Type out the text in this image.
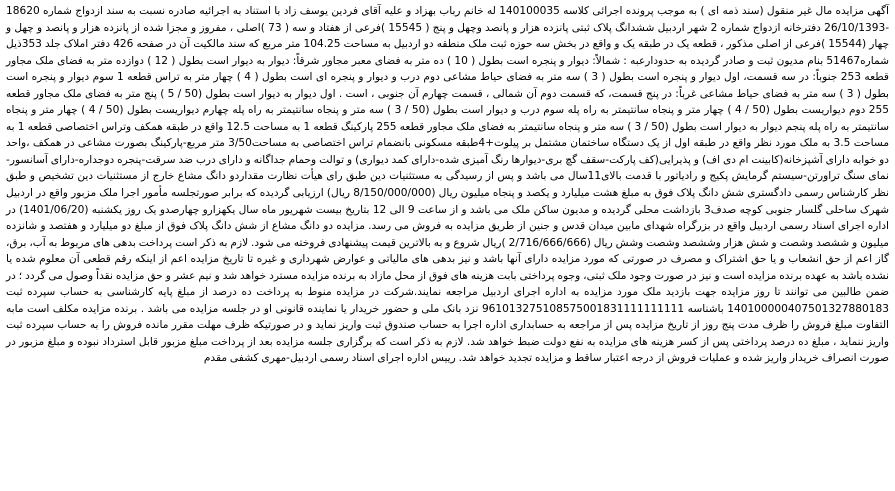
آگهی مزایده مال غیر منقول (سند ذمه ای ) به موجب پرونده اجرائی کلاسه 140100035 له خانم رباب بهزاد و علیه آقای فردین یوسف زاد با استناد به اجرائیه صادره نسبت به سند ازدواج شماره 18620 -26/10/1393 دفترخانه ازدواج شماره 2 شهر اردبیل ششدانگ پلاک ثبتی پانزده هزار و پانصد وچهل و پنج ( 15545 )فرعی از هفتاد و سه ( 73 )اصلی ، مفروز و مجزا شده از پانزده هزار و پانصد و چهل و چهار (15544 )فرعی از اصلی مذکور ، قطعه یک در طبقه یک و واقع در بخش سه حوزه ثبت ملک منطقه دو اردبیل به مساحت 104.25 متر مربع که سند مالکیت آن در صفحه 426 دفتر املاک جلد 353ذیل شماره51467 بنام مدیون ثبت و صادر گردیده به حدودارعبه : شمالاً: دیوار و پنجره است بطول ( 10 ) ده متر به فضای معبر مجاور شرقاً: دیوار به دیوار است بطول ( 12 ) دوازده متر به فضای ملک مجاور قطعه 253 جنوباً: در سه قسمت، اول دیوار و پنجره است بطول ( 3 ) سه متر به فضای حیاط مشاعی دوم درب و دیوار و پنجره ای است بطول ( 4 ) چهار متر به تراس قطعه 1 سوم دیوار و پنجره است بطول ( 3 ) سه متر به فضای حیاط مشاعی غرباً: در پنج قسمت، که قسمت دوم آن شمالی ، قسمت چهارم آن جنوبی ، است . اول دیوار به دیوار است بطول (50 / 5 ) پنج متر به فضای ملک مجاور قطعه 255 دوم دیواریست بطول (50 / 4 ) چهار متر و پنجاه سانتیمتر به راه پله سوم درب و دیوار است بطول (50 / 3 ) سه متر و پنجاه سانتیمتر به راه پله چهارم دیواریست بطول (50 / 4 ) چهار متر و پنجاه سانتیمتر به راه پله پنجم دیوار به دیوار است بطول (50 / 3 ) سه متر و پنجاه سانتیمتر به فضای ملک مجاور قطعه 255 پارکینگ قطعه 1 به مساحت 12.5 واقع در طبقه همکف وتراس اختصاصی قطعه 1 به مساحت 3.5 به ملک مورد نظر واقع در طبقه اول از یک دستگاه ساختمان مشتمل بر پیلوت+4طبقه مسکونی بانضمام تراس اختصاصی به مساحت3/50 متر مربع-پارکینگ بصورت مشاعی در همکف ،واحد دو خوابه دارای آشپزخانه(کابینت ام دی اف) و پذیرایی(کف پارکت-سقف گچ بری-دیوارها رنگ آمیزی شده-دارای کمد دیواری) و توالت وحمام جداگانه و دارای درب ضد سرقت-پنجره دوجداره-دارای آسانسور-نمای سنگ تراورتن-سیستم گرمایش پکیج و رادیاتور با قدمت بالای11سال می باشد و پس از رسیدگی به مستثنیات دین طبق رای هیأت نظارت مقداردو دانگ مشاع خارج از مستثنیات دین تشخیص و طبق نظر کارشناس رسمی دادگستری شش دانگ پلاک فوق به مبلغ هشت میلیارد و یکصد و پنجاه میلیون ریال (8/150/000/000 ریال) ارزیابی گردیده که برابر صورتجلسه مأمور اجرا ملک مزبور واقع در اردبیل شهرک ساحلی گلسار جنوبی کوچه صدف3 بازداشت محلی گردیده و مدیون ساکن ملک می باشد و از ساعت 9 الی 12 بتاریخ بیست شهریور ماه سال یکهزارو چهارصدو یک روز یکشنبه (1401/06/20) در اداره اجرای اسناد رسمی اردبیل واقع در بزرگراه شهدای مابین میدان قدس و جنین از طریق مزایده به فروش می رسد. مزایده دو دانگ مشاع از شش دانگ پلاک فوق از مبلغ دو میلیارد و هفتصد و شانزده میلیون و ششصد وشصت و شش هزار وششصد وشصت وشش ریال (2/716/666/666 )ریال شروع و به بالاترین قیمت پیشنهادی فروخته می شود. لازم به ذکر است پرداخت بدهی های مربوط به آب، برق، گاز اعم از حق انشعاب و یا حق اشتراک و مصرف در صورتی که مورد مزایده دارای آنها باشد و نیز بدهی های مالیاتی و عوارض شهرداری و غیره تا تاریخ مزایده اعم از اینکه رقم قطعی آن معلوم شده یا نشده باشد به عهده برنده مزایده است و نیز در صورت وجود ملک ثبتی، وجوه پرداختی بابت هزینه های فوق از محل مازاد به برنده مزایده مسترد خواهد شد و نیم عشر و حق مزایده نقداً وصول می گردد ؛ در ضمن طالبین می توانند تا روز مزایده جهت بازدید ملک مورد مزایده به اداره اجرای اردبیل مراجعه نمایند.شرکت در مزایده منوط به پرداخت ده درصد از مبلغ پایه کارشناسی به حساب سپرده ثبت 140100000407501327880183 باشناسه 961013275108575001831111111111 نزد بانک ملی و حضور خریدار یا نماینده قانونی او در جلسه مزایده می باشد . برنده مزایده مکلف است مابه التفاوت مبلغ فروش را ظرف مدت پنج روز از تاریخ مزایده پس از مراجعه به حسابداری اداره اجرا به حساب صندوق ثبت واریز نماید و در صورتیکه ظرف مهلت مقرر مانده فروش را به حساب سپرده ثبت واریز ننماید ، مبلغ ده درصد پرداختی پس از کسر هزینه های مزایده به نفع دولت ضبط خواهد شد. لازم به ذکر است که برگزاری جلسه مزایده بعد از پرداخت مبلغ مزبور قابل استرداد نبوده و مبلغ مزبور در صورت انصراف خریدار واریز شده و عملیات فروش از درجه اعتبار ساقط و مزایده تجدید خواهد شد. رییس اداره اجرای اسناد رسمی اردبیل-مهری کشفی مقدم
